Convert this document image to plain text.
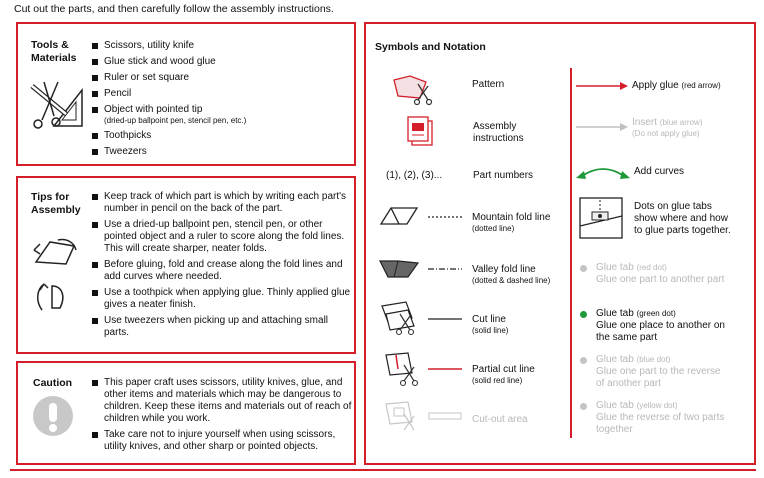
Cut out the parts, and then carefully follow the assembly instructions.
Tools &
Materials
Scissors, utility knife
Glue stick and wood glue
Ruler or set square
Pencil
Object with pointed tip
(dried-up ballpoint pen, stencil pen, etc.)
Toothpicks
Tweezers
Tips for
Assembly
Keep track of which part is which by writing each part's number in pencil on the back of the part.
Use a dried-up ballpoint pen, stencil pen, or other pointed object and a ruler to score along the fold lines. This will create sharper, neater folds.
Before gluing, fold and crease along the fold lines and add curves where needed.
Use a toothpick when applying glue. Thinly applied glue gives a neater finish.
Use tweezers when picking up and attaching small parts.
Caution	This paper craft uses scissors, utility knives, glue, and other items and materials which may be dangerous to children. Keep these items and materials out of reach of children while you work.
Take care not to injure yourself when using scissors, utility knives, and other sharp or pointed objects.
Symbols and Notation
Pattern
Assembly
instructions
(1), (2), (3)...	Part numbers
Mountain fold line
(dotted line)
Valley fold line
(dotted & dashed line)
Cut line
(solid line)
Partial cut line
(solid red line)
Cut-out area
Apply glue (red arrow)
Insert (blue arrow)
(Do not apply glue)
Add curves
Dots on glue tabs
show where and how
to glue parts together.
Glue tab (red dot)
Glue one part to another part
Glue tab (green dot)
Glue one place to another on
the same part
Glue tab (blue dot)
Glue one part to the reverse
of another part
Glue tab (yellow dot)
Glue the reverse of two parts
together
